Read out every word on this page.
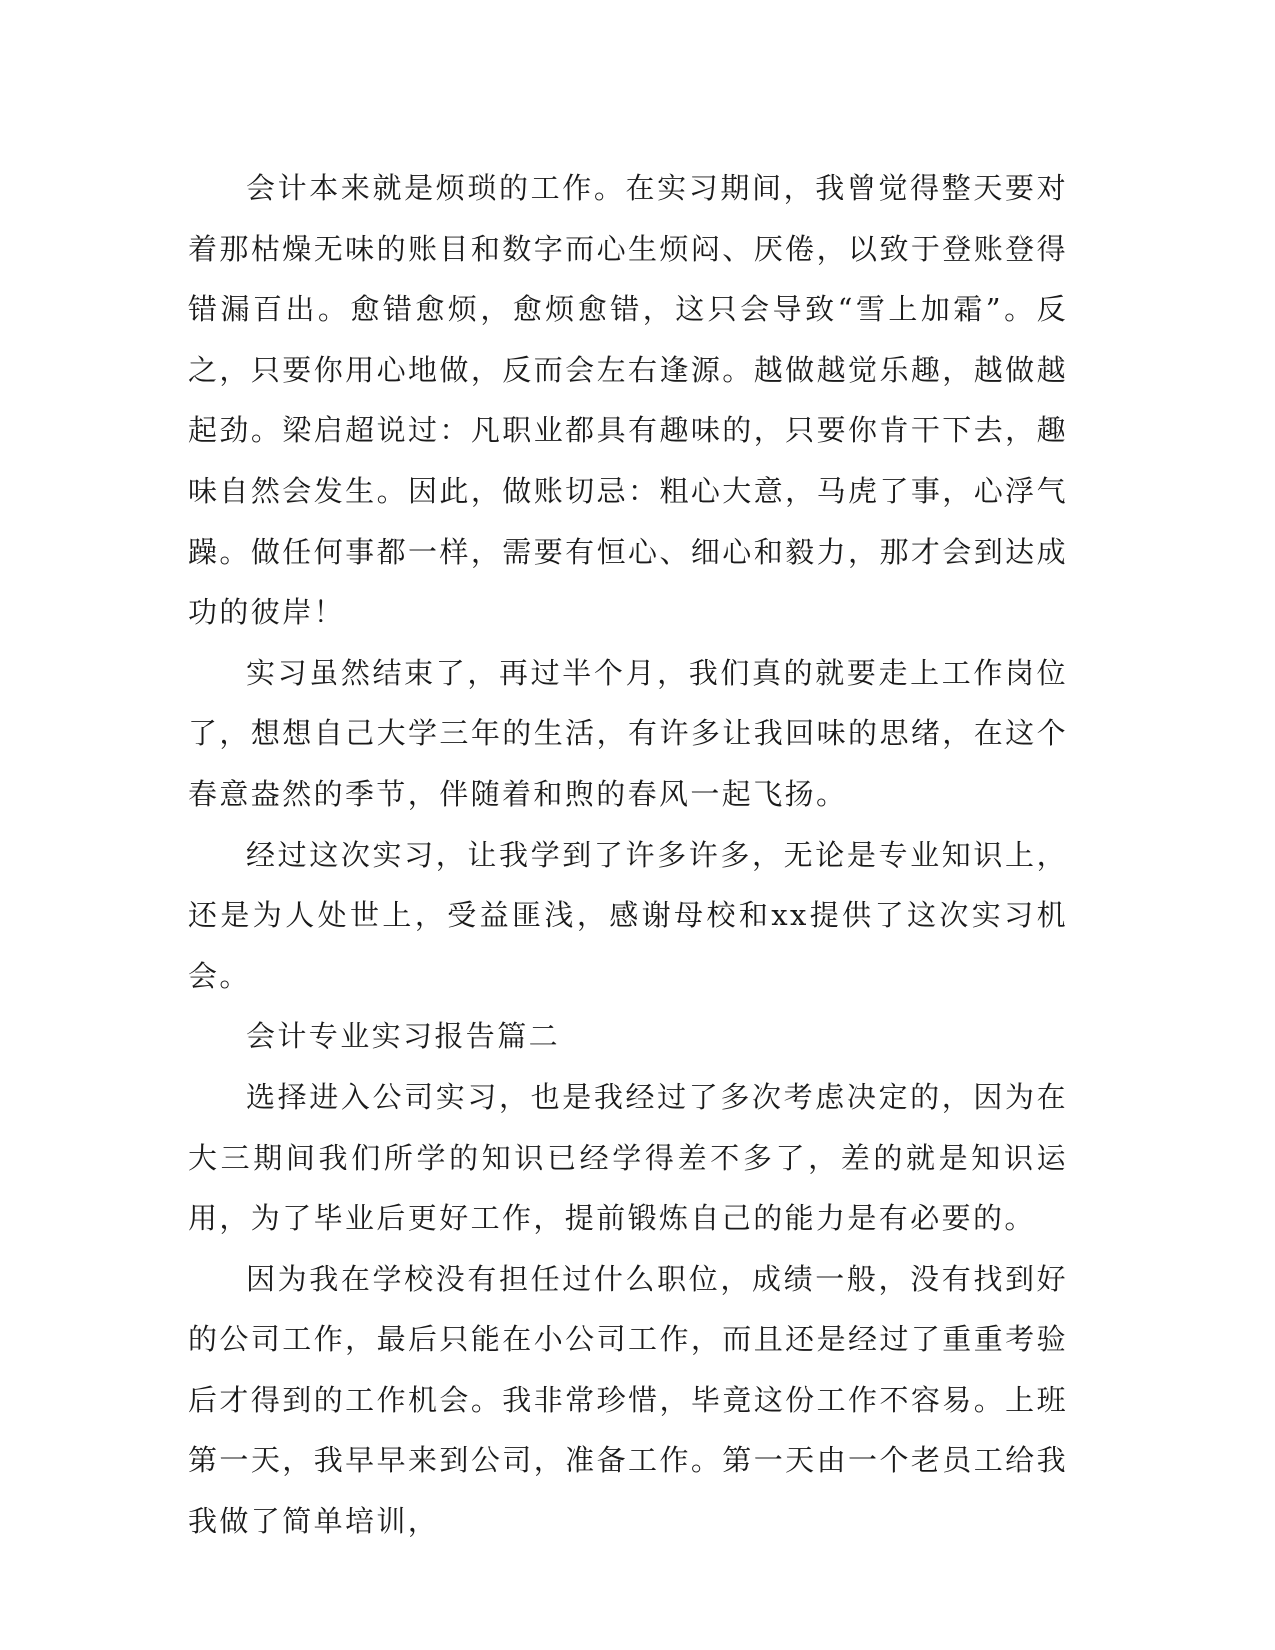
会计本来就是烦琐的工作。在实习期间，我曾觉得整天要对着那枯燥无味的账目和数字而心生烦闷、厌倦，以致于登账登得错漏百出。愈错愈烦，愈烦愈错，这只会导致“雪上加霜”。反之，只要你用心地做，反而会左右逢源。越做越觉乐趣，越做越起劲。梁启超说过：凡职业都具有趣味的，只要你肯干下去，趣味自然会发生。因此，做账切忌：粗心大意，马虎了事，心浮气躁。做任何事都一样，需要有恒心、细心和毅力，那才会到达成功的彼岸！

实习虽然结束了，再过半个月，我们真的就要走上工作岗位了，想想自己大学三年的生活，有许多让我回味的思绪，在这个春意盎然的季节，伴随着和煦的春风一起飞扬。

经过这次实习，让我学到了许多许多，无论是专业知识上，还是为人处世上，受益匪浅，感谢母校和xx提供了这次实习机会。

会计专业实习报告篇二

选择进入公司实习，也是我经过了多次考虑决定的，因为在大三期间我们所学的知识已经学得差不多了，差的就是知识运用，为了毕业后更好工作，提前锻炼自己的能力是有必要的。

因为我在学校没有担任过什么职位，成绩一般，没有找到好的公司工作，最后只能在小公司工作，而且还是经过了重重考验后才得到的工作机会。我非常珍惜，毕竟这份工作不容易。上班第一天，我早早来到公司，准备工作。第一天由一个老员工给我我做了简单培训，
